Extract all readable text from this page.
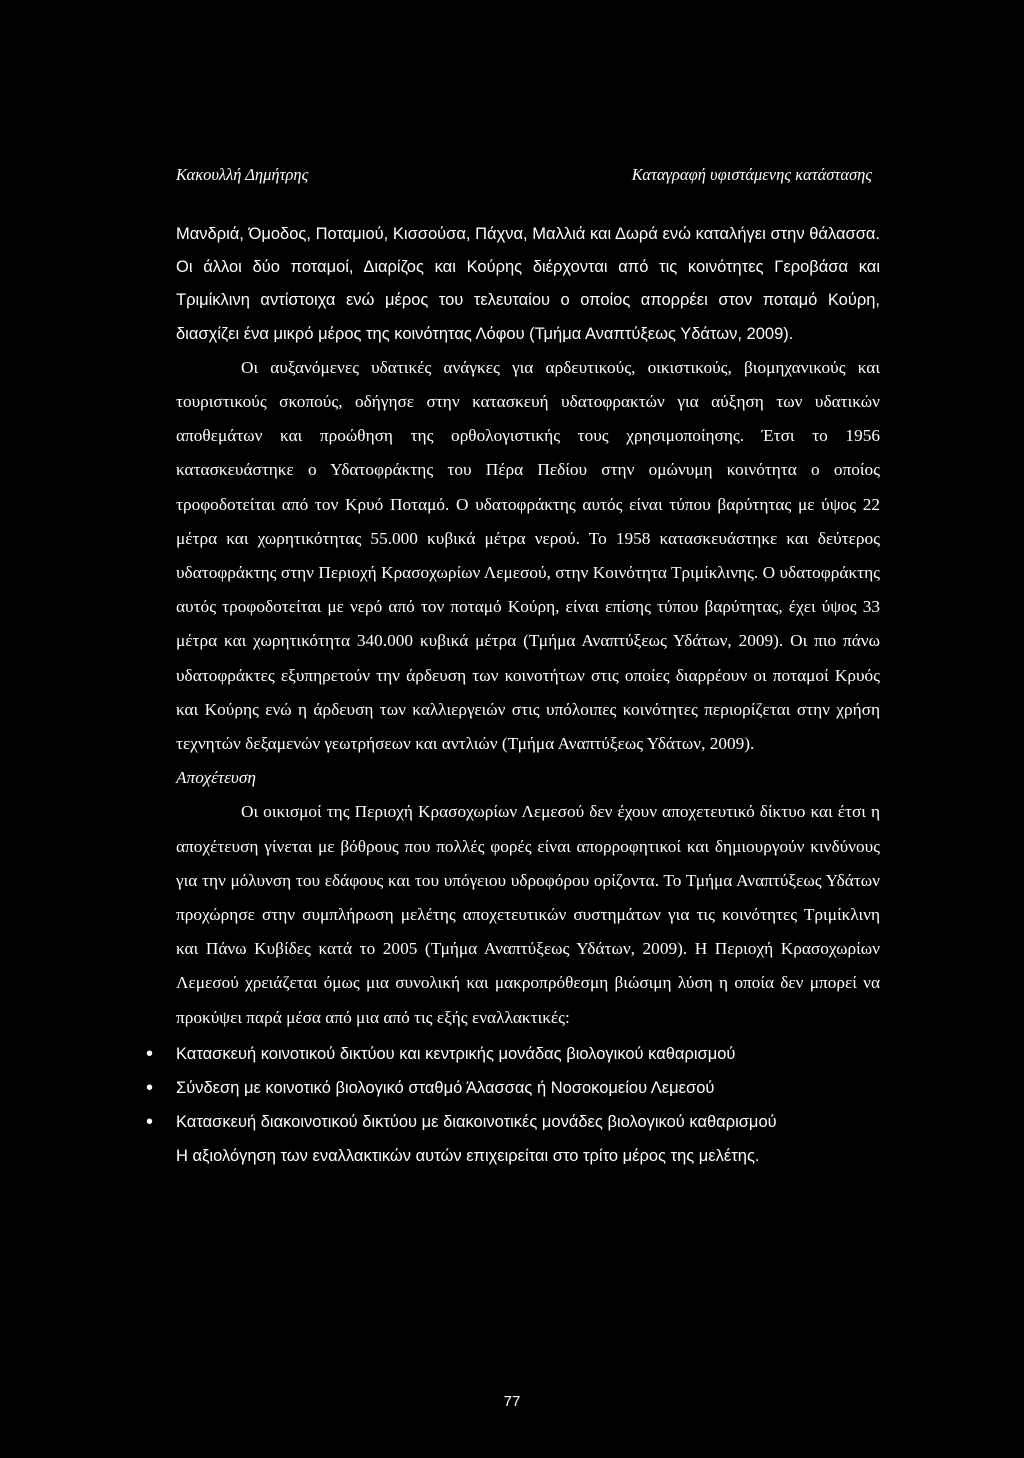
Κακουλλή Δημήτρης	Καταγραφή υφιστάμενης κατάστασης

Μανδριά, Όμοδος, Ποταμιού, Κισσούσα, Πάχνα, Μαλλιά και Δωρά ενώ καταλήγει στην θάλασσα. Οι άλλοι δύο ποταμοί, Διαρίζος και Κούρης διέρχονται από τις κοινότητες Γεροβάσα και Τριμίκλινη αντίστοιχα ενώ μέρος του τελευταίου ο οποίος απορρέει στον ποταμό Κούρη, διασχίζει ένα μικρό μέρος της κοινότητας Λόφου (Τμήμα Αναπτύξεως Υδάτων, 2009).

Οι αυξανόμενες υδατικές ανάγκες για αρδευτικούς, οικιστικούς, βιομηχανικούς και τουριστικούς σκοπούς, οδήγησε στην κατασκευή υδατοφρακτών για αύξηση των υδατικών αποθεμάτων και προώθηση της ορθολογιστικής τους χρησιμοποίησης. Έτσι το 1956 κατασκευάστηκε ο Υδατοφράκτης του Πέρα Πεδίου στην ομώνυμη κοινότητα ο οποίος τροφοδοτείται από τον Κρυό Ποταμό. Ο υδατοφράκτης αυτός είναι τύπου βαρύτητας με ύψος 22 μέτρα και χωρητικότητας 55.000 κυβικά μέτρα νερού. Το 1958 κατασκευάστηκε και δεύτερος υδατοφράκτης στην Περιοχή Κρασοχωρίων Λεμεσού, στην Κοινότητα Τριμίκλινης. Ο υδατοφράκτης αυτός τροφοδοτείται με νερό από τον ποταμό Κούρη, είναι επίσης τύπου βαρύτητας, έχει ύψος 33 μέτρα και χωρητικότητα 340.000 κυβικά μέτρα (Τμήμα Αναπτύξεως Υδάτων, 2009). Οι πιο πάνω υδατοφράκτες εξυπηρετούν την άρδευση των κοινοτήτων στις οποίες διαρρέουν οι ποταμοί Κρυός και Κούρης ενώ η άρδευση των καλλιεργειών στις υπόλοιπες κοινότητες περιορίζεται στην χρήση τεχνητών δεξαμενών γεωτρήσεων και αντλιών (Τμήμα Αναπτύξεως Υδάτων, 2009).

Αποχέτευση

Οι οικισμοί της Περιοχή Κρασοχωρίων Λεμεσού δεν έχουν αποχετευτικό δίκτυο και έτσι η αποχέτευση γίνεται με βόθρους που πολλές φορές είναι απορροφητικοί και δημιουργούν κινδύνους για την μόλυνση του εδάφους και του υπόγειου υδροφόρου ορίζοντα. Το Τμήμα Αναπτύξεως Υδάτων προχώρησε στην συμπλήρωση μελέτης αποχετευτικών συστημάτων για τις κοινότητες Τριμίκλινη και Πάνω Κυβίδες κατά το 2005 (Τμήμα Αναπτύξεως Υδάτων, 2009). Η Περιοχή Κρασοχωρίων Λεμεσού χρειάζεται όμως μια συνολική και μακροπρόθεσμη βιώσιμη λύση η οποία δεν μπορεί να προκύψει παρά μέσα από μια από τις εξής εναλλακτικές:

• Κατασκευή κοινοτικού δικτύου και κεντρικής μονάδας βιολογικού καθαρισμού
• Σύνδεση με κοινοτικό βιολογικό σταθμό Άλασσας ή Νοσοκομείου Λεμεσού
• Κατασκευή διακοινοτικού δικτύου με διακοινοτικές μονάδες βιολογικού καθαρισμού

Η αξιολόγηση των εναλλακτικών αυτών επιχειρείται στο τρίτο μέρος της μελέτης.

77
